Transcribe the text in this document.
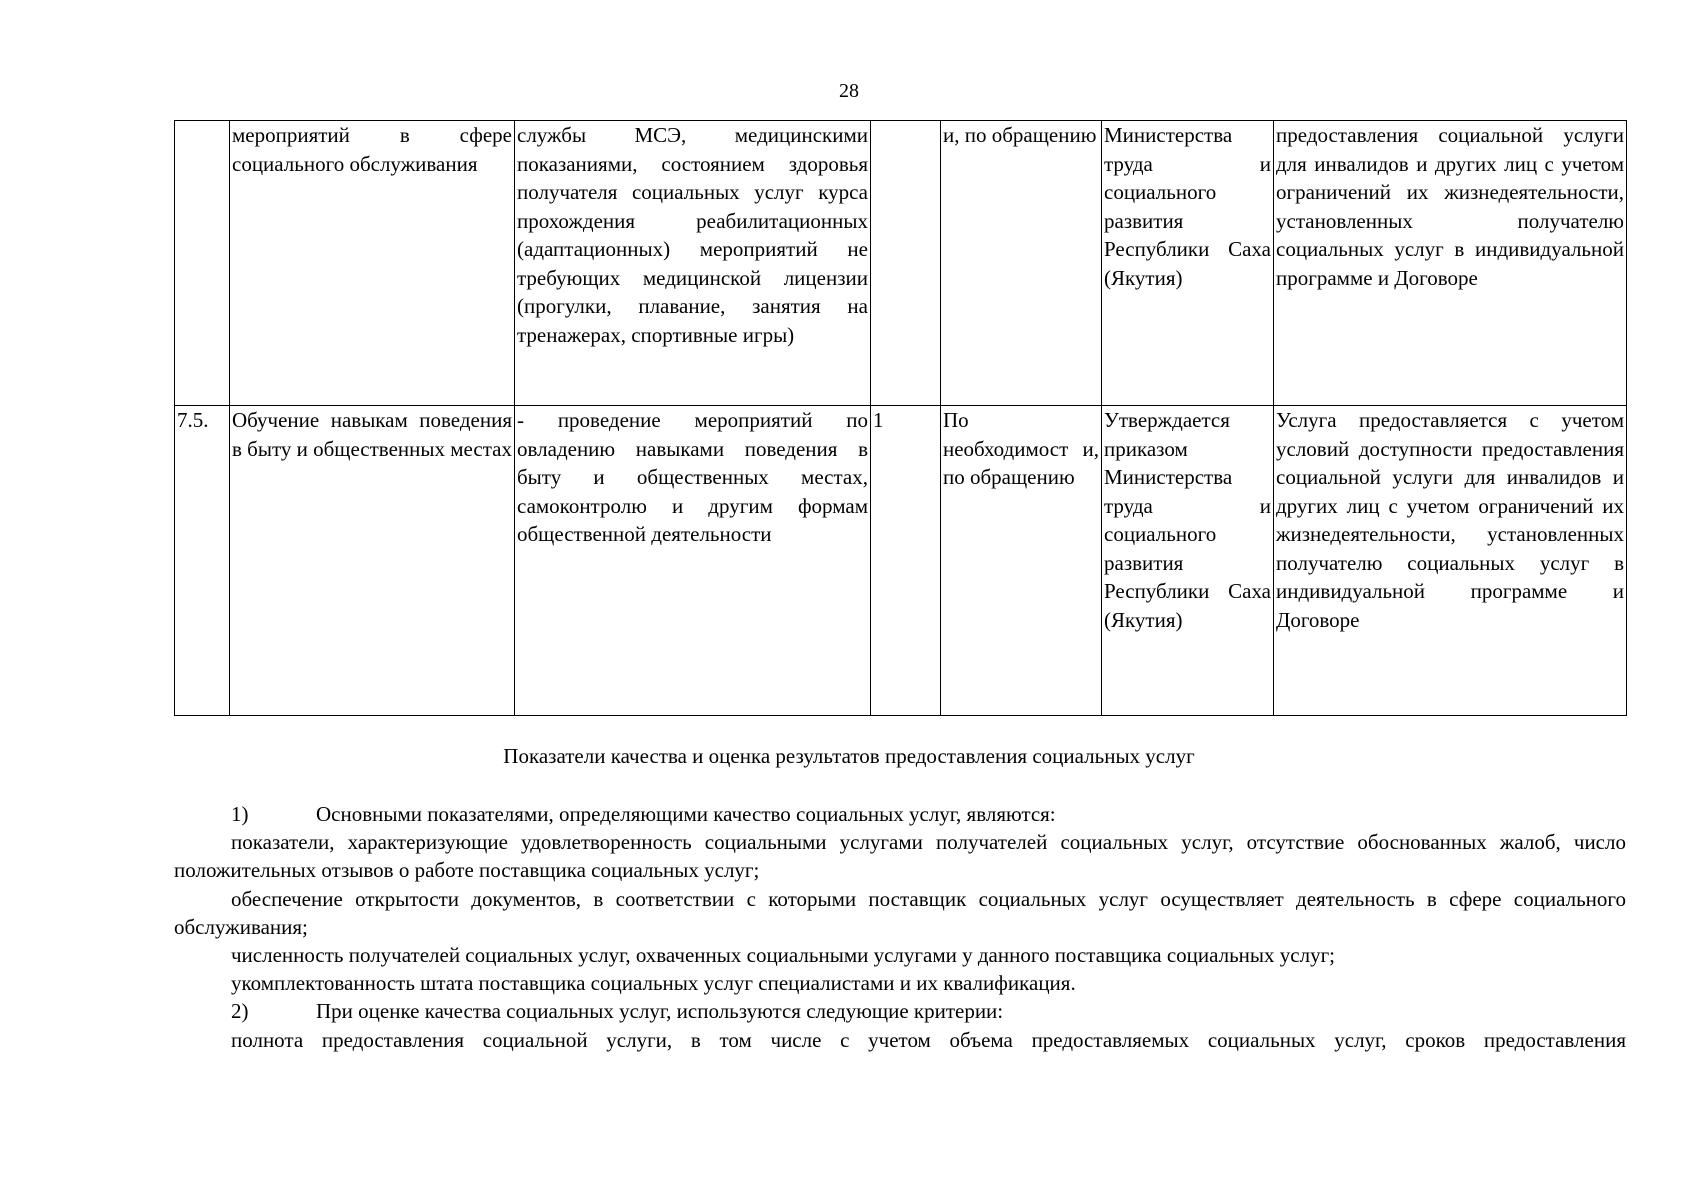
28
	мероприятий в сфере социального обслуживания	службы МСЭ, медицинскими показаниями, состоянием здоровья получателя социальных услуг курса прохождения реабилитационных (адаптационных) мероприятий не требующих медицинской лицензии (прогулки, плавание, занятия на тренажерах, спортивные игры)		и, по обращению	Министерства труда и социального развития Республики Саха (Якутия)	предоставления социальной услуги для инвалидов и других лиц с учетом ограничений их жизнедеятельности, установленных получателю социальных услуг в индивидуальной программе и Договоре
7.5.	Обучение навыкам поведения в быту и общественных местах	- проведение мероприятий по овладению навыками поведения в быту и общественных местах, самоконтролю и другим формам общественной деятельности	1	По необходимост и, по обращению	Утверждается приказом Министерства труда и социального развития Республики Саха (Якутия)	Услуга предоставляется с учетом условий доступности предоставления социальной услуги для инвалидов и других лиц с учетом ограничений их жизнедеятельности, установленных получателю социальных услуг в индивидуальной программе и Договоре
Показатели качества и оценка результатов предоставления социальных услуг

1)	Основными показателями, определяющими качество социальных услуг, являются:

показатели, характеризующие удовлетворенность социальными услугами получателей социальных услуг, отсутствие обоснованных жалоб, число положительных отзывов о работе поставщика социальных услуг;

обеспечение открытости документов, в соответствии с которыми поставщик социальных услуг осуществляет деятельность в сфере социального обслуживания;

численность получателей социальных услуг, охваченных социальными услугами у данного поставщика социальных услуг;

укомплектованность штата поставщика социальных услуг специалистами и их квалификация.

2)	При оценке качества социальных услуг, используются следующие критерии:

полнота предоставления социальной услуги, в том числе с учетом объема предоставляемых социальных услуг, сроков предоставления
